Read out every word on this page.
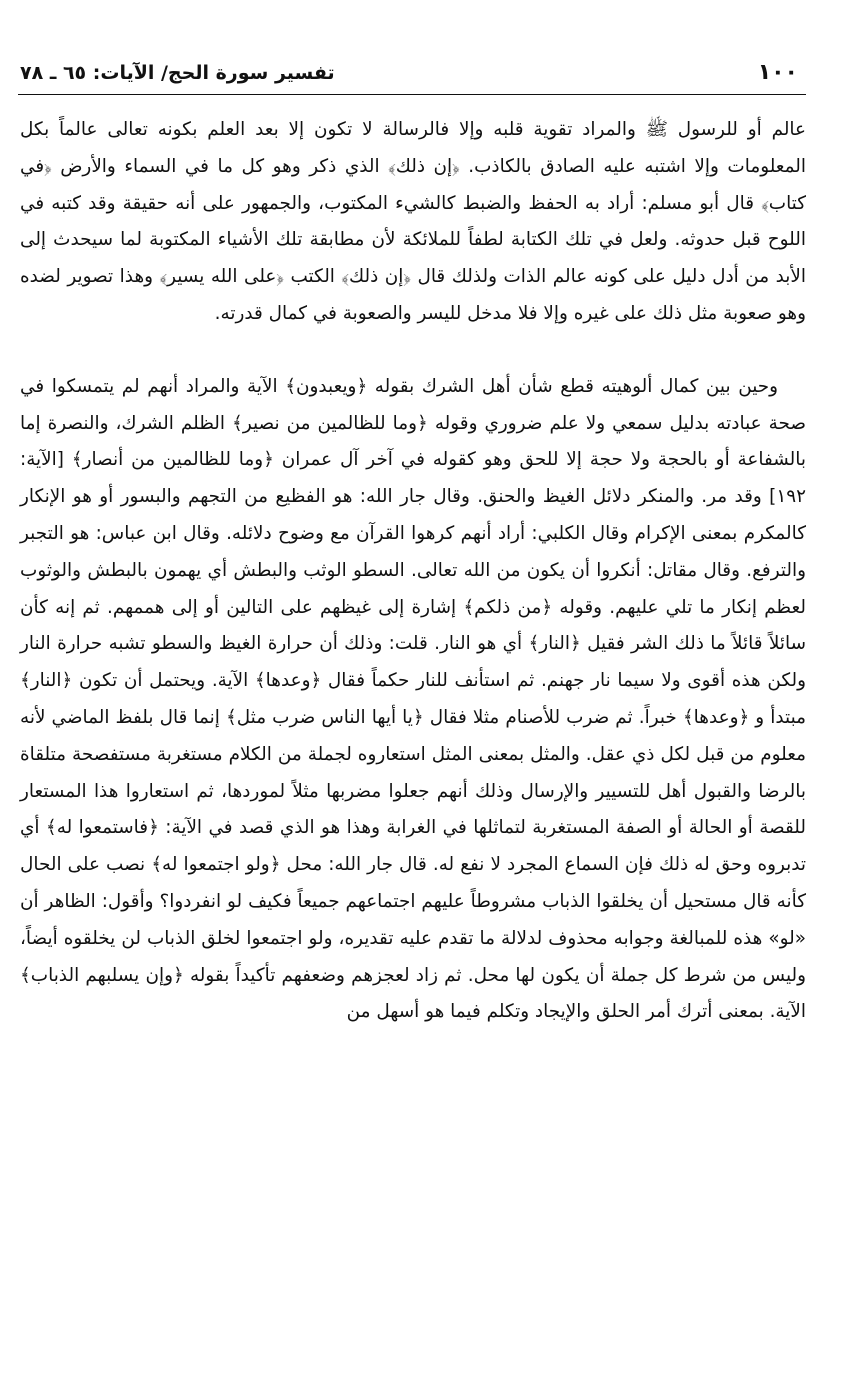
١٠٠
تفسير سورة الحج/ الآيات: ٦٥ ـ ٧٨

عالم أو للرسول ﷺ والمراد تقوية قلبه وإلا فالرسالة لا تكون إلا بعد العلم بكونه تعالى عالماً بكل المعلومات وإلا اشتبه عليه الصادق بالكاذب. ﴿إن ذلك﴾ الذي ذكر وهو كل ما في السماء والأرض ﴿في كتاب﴾ قال أبو مسلم: أراد به الحفظ والضبط كالشيء المكتوب، والجمهور على أنه حقيقة وقد كتبه في اللوح قبل حدوثه. ولعل في تلك الكتابة لطفاً للملائكة لأن مطابقة تلك الأشياء المكتوبة لما سيحدث إلى الأبد من أدل دليل على كونه عالم الذات ولذلك قال ﴿إن ذلك﴾ الكتب ﴿على الله يسير﴾ وهذا تصوير لضده وهو صعوبة مثل ذلك على غيره وإلا فلا مدخل لليسر والصعوبة في كمال قدرته.

وحين بين كمال ألوهيته قطع شأن أهل الشرك بقوله ﴿ويعبدون﴾ الآية والمراد أنهم لم يتمسكوا في صحة عبادته بدليل سمعي ولا علم ضروري وقوله ﴿وما للظالمين من نصير﴾ الظلم الشرك، والنصرة إما بالشفاعة أو بالحجة ولا حجة إلا للحق وهو كقوله في آخر آل عمران ﴿وما للظالمين من أنصار﴾ [الآية: ١٩٢] وقد مر. والمنكر دلائل الغيظ والحنق. وقال جار الله: هو الفظيع من التجهم والبسور أو هو الإنكار كالمكرم بمعنى الإكرام وقال الكلبي: أراد أنهم كرهوا القرآن مع وضوح دلائله. وقال ابن عباس: هو التجبر والترفع. وقال مقاتل: أنكروا أن يكون من الله تعالى. السطو الوثب والبطش أي يهمون بالبطش والوثوب لعظم إنكار ما تلي عليهم. وقوله ﴿من ذلكم﴾ إشارة إلى غيظهم على التالين أو إلى هممهم. ثم إنه كأن سائلاً قائلاً ما ذلك الشر فقيل ﴿النار﴾ أي هو النار. قلت: وذلك أن حرارة الغيظ والسطو تشبه حرارة النار ولكن هذه أقوى ولا سيما نار جهنم. ثم استأنف للنار حكماً فقال ﴿وعدها﴾ الآية. ويحتمل أن تكون ﴿النار﴾ مبتدأ و ﴿وعدها﴾ خبراً. ثم ضرب للأصنام مثلا فقال ﴿يا أيها الناس ضرب مثل﴾ إنما قال بلفظ الماضي لأنه معلوم من قبل لكل ذي عقل. والمثل بمعنى المثل استعاروه لجملة من الكلام مستغربة مستفصحة متلقاة بالرضا والقبول أهل للتسيير والإرسال وذلك أنهم جعلوا مضربها مثلاً لموردها، ثم استعاروا هذا المستعار للقصة أو الحالة أو الصفة المستغربة لتماثلها في الغرابة وهذا هو الذي قصد في الآية: ﴿فاستمعوا له﴾ أي تدبروه وحق له ذلك فإن السماع المجرد لا نفع له. قال جار الله: محل ﴿ولو اجتمعوا له﴾ نصب على الحال كأنه قال مستحيل أن يخلقوا الذباب مشروطاً عليهم اجتماعهم جميعاً فكيف لو انفردوا؟ وأقول: الظاهر أن «لو» هذه للمبالغة وجوابه محذوف لدلالة ما تقدم عليه تقديره، ولو اجتمعوا لخلق الذباب لن يخلقوه أيضاً، وليس من شرط كل جملة أن يكون لها محل. ثم زاد لعجزهم وضعفهم تأكيداً بقوله ﴿وإن يسلبهم الذباب﴾ الآية. بمعنى أترك أمر الحلق والإيجاد وتكلم فيما هو أسهل من
